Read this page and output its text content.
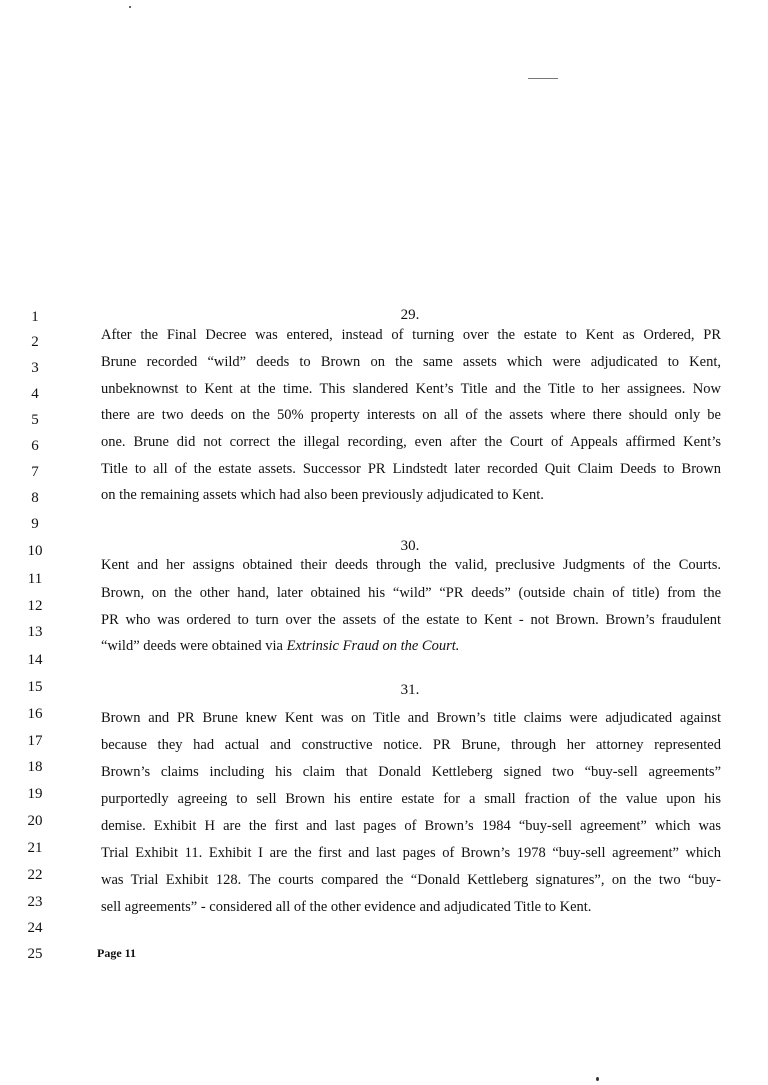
1
2
3
4
5
6
7
8
9
10
11
12
13
14
15
16
17
18
19
20
21
22
23
24
25
29.
After the Final Decree was entered, instead of turning over the estate to Kent as Ordered, PR
Brune recorded “wild” deeds to Brown on the same assets which were adjudicated to Kent,
unbeknownst to Kent at the time. This slandered Kent’s Title and the Title to her assignees. Now
there are two deeds on the 50% property interests on all of the assets where there should only be
one. Brune did not correct the illegal recording, even after the Court of Appeals affirmed Kent’s
Title to all of the estate assets. Successor PR Lindstedt later recorded Quit Claim Deeds to Brown
on the remaining assets which had also been previously adjudicated to Kent.
30.
Kent and her assigns obtained their deeds through the valid, preclusive Judgments of the Courts.
Brown, on the other hand, later obtained his “wild” “PR deeds” (outside chain of title) from the
PR who was ordered to turn over the assets of the estate to Kent - not Brown. Brown’s fraudulent
“wild” deeds were obtained via Extrinsic Fraud on the Court.
31.
Brown and PR Brune knew Kent was on Title and Brown’s title claims were adjudicated against
because they had actual and constructive notice. PR Brune, through her attorney represented
Brown’s claims including his claim that Donald Kettleberg signed two “buy-sell agreements”
purportedly agreeing to sell Brown his entire estate for a small fraction of the value upon his
demise. Exhibit H are the first and last pages of Brown’s 1984 “buy-sell agreement” which was
Trial Exhibit 11. Exhibit I are the first and last pages of Brown’s 1978 “buy-sell agreement” which
was Trial Exhibit 128. The courts compared the “Donald Kettleberg signatures”, on the two “buy-
sell agreements” - considered all of the other evidence and adjudicated Title to Kent.
Page 11
